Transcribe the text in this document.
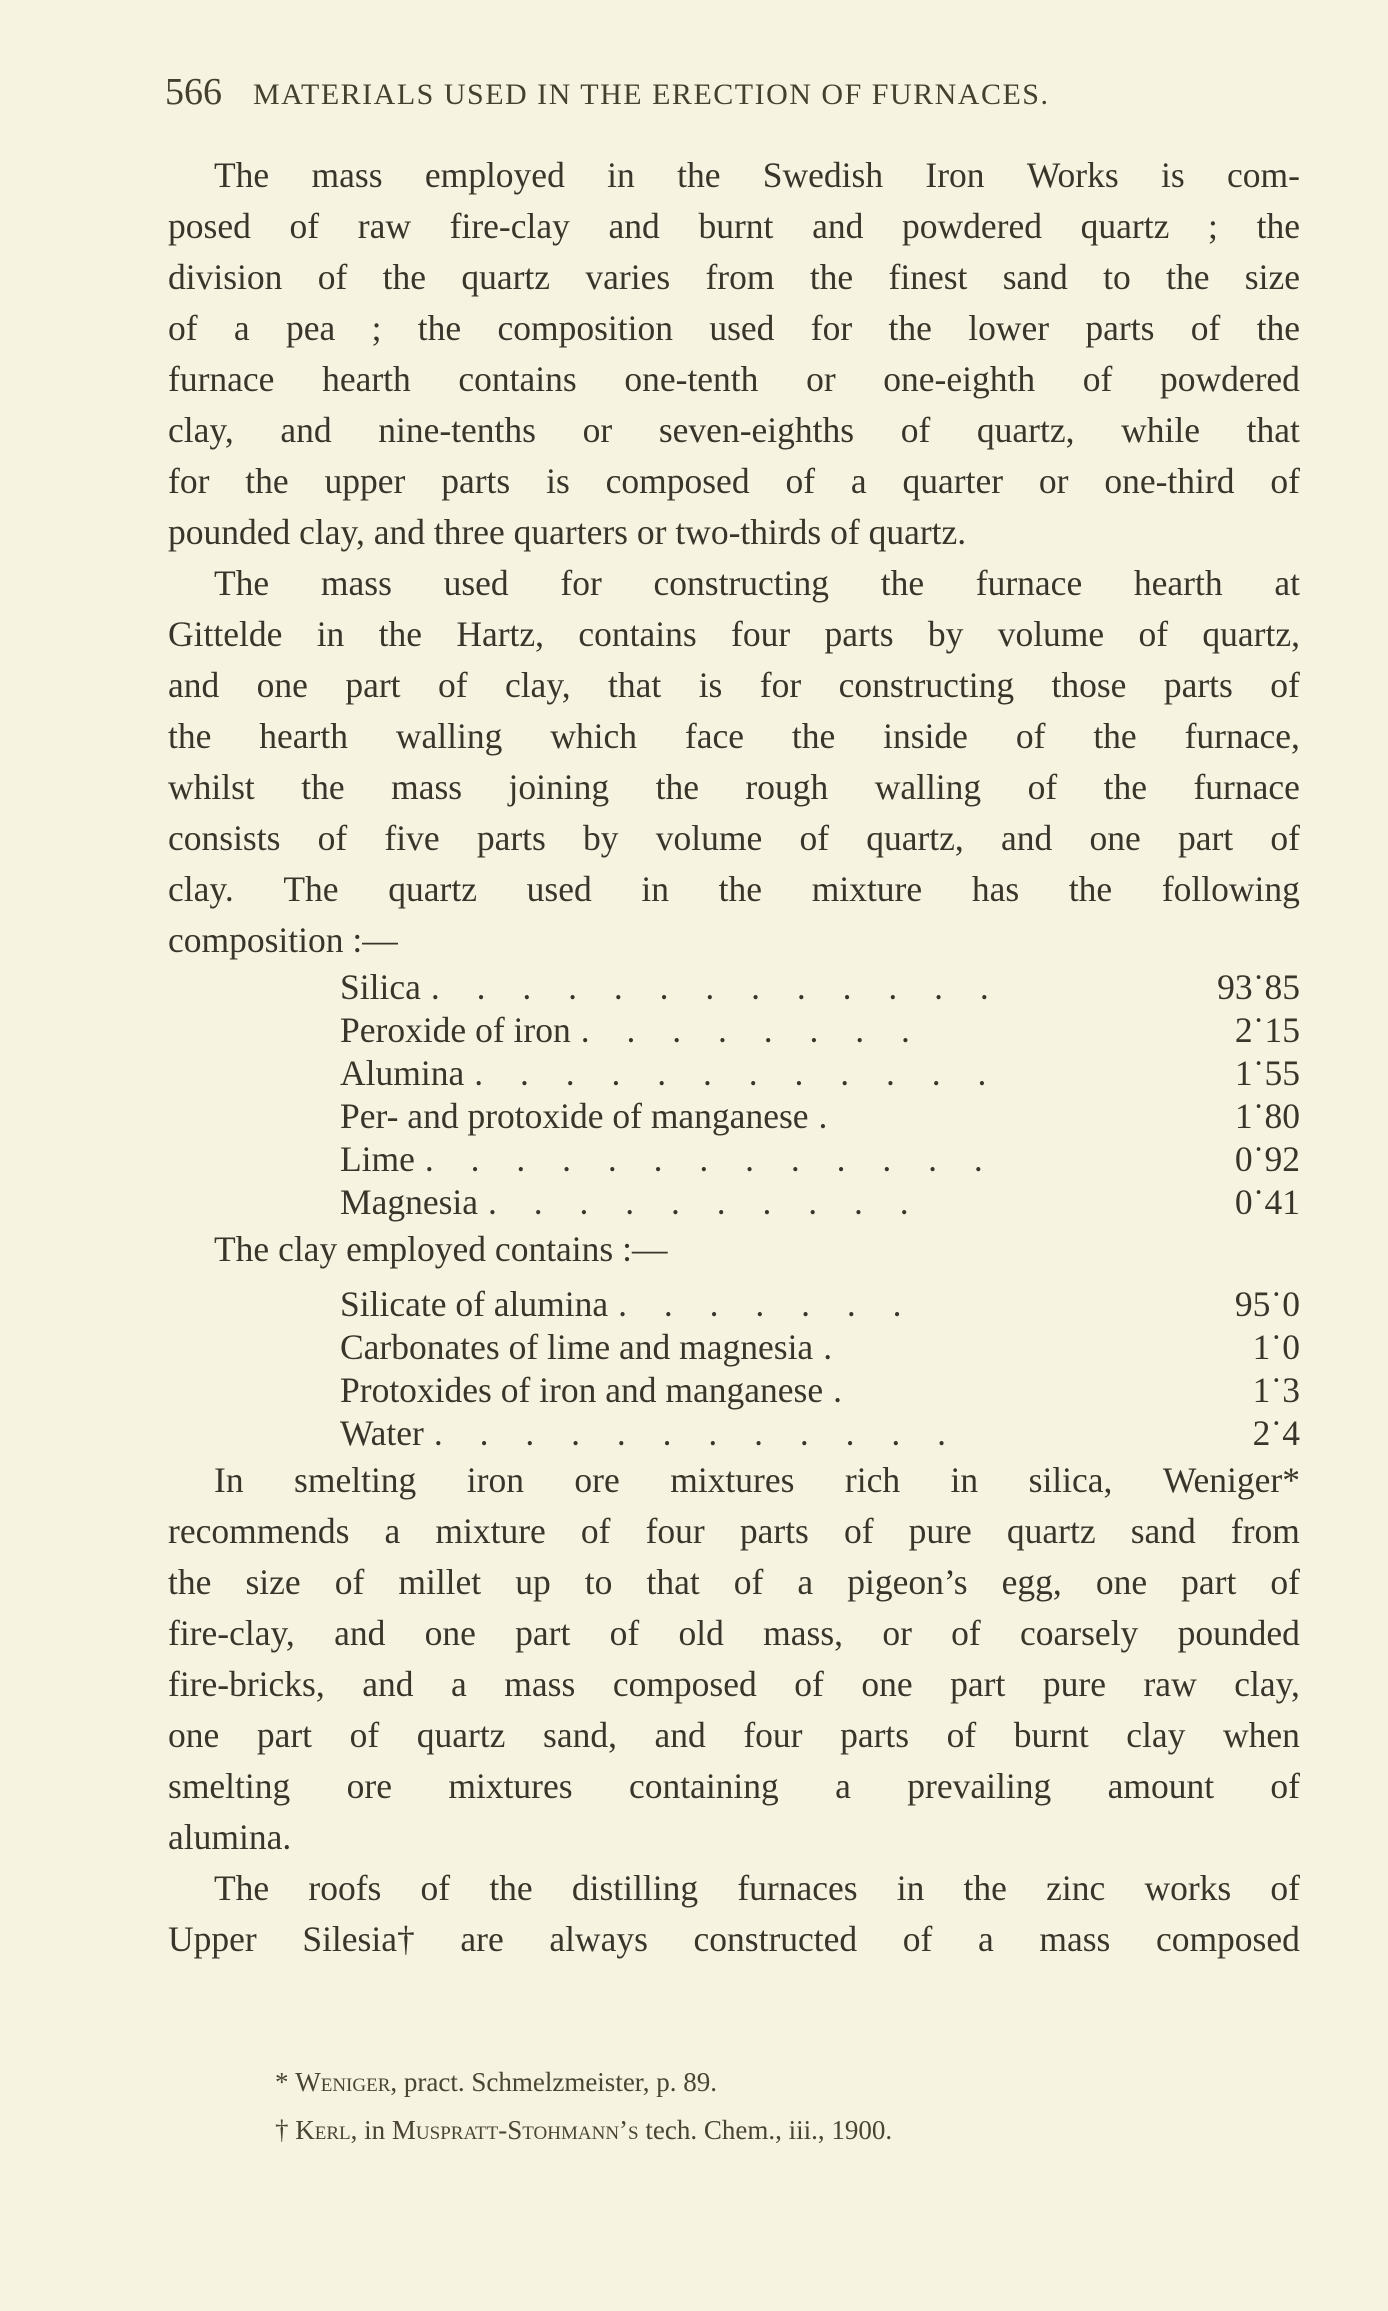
566 MATERIALS USED IN THE ERECTION OF FURNACES.
The mass employed in the Swedish Iron Works is com-
posed of raw fire-clay and burnt and powdered quartz ; the
division of the quartz varies from the finest sand to the size
of a pea ; the composition used for the lower parts of the
furnace hearth contains one-tenth or one-eighth of powdered
clay, and nine-tenths or seven-eighths of quartz, while that
for the upper parts is composed of a quarter or one-third of
pounded clay, and three quarters or two-thirds of quartz.
The mass used for constructing the furnace hearth at
Gittelde in the Hartz, contains four parts by volume of quartz,
and one part of clay, that is for constructing those parts of
the hearth walling which face the inside of the furnace,
whilst the mass joining the rough walling of the furnace
consists of five parts by volume of quartz, and one part of
clay. The quartz used in the mixture has the following
composition :—
Silica . . . . . . . . . . . . .	93˙85
Peroxide of iron . . . . . . . .	2˙15
Alumina . . . . . . . . . . . .	1˙55
Per- and protoxide of manganese .	1˙80
Lime . . . . . . . . . . . . .	0˙92
Magnesia . . . . . . . . . .	0˙41
The clay employed contains :—
Silicate of alumina . . . . . . .	95˙0
Carbonates of lime and magnesia .	1˙0
Protoxides of iron and manganese .	1˙3
Water . . . . . . . . . . . .	2˙4
In smelting iron ore mixtures rich in silica, Weniger*
recommends a mixture of four parts of pure quartz sand from
the size of millet up to that of a pigeon’s egg, one part of
fire-clay, and one part of old mass, or of coarsely pounded
fire-bricks, and a mass composed of one part pure raw clay,
one part of quartz sand, and four parts of burnt clay when
smelting ore mixtures containing a prevailing amount of
alumina.
The roofs of the distilling furnaces in the zinc works of
Upper Silesia† are always constructed of a mass composed
* Weniger, pract. Schmelzmeister, p. 89.
† Kerl, in Muspratt-Stohmann’s tech. Chem., iii., 1900.
